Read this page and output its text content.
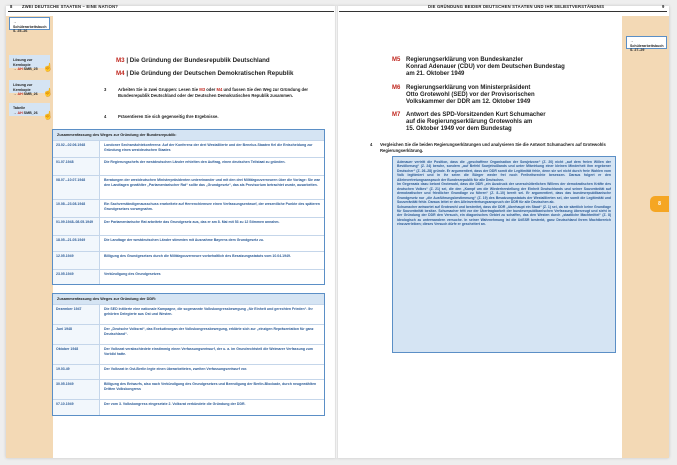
8 ZWEI DEUTSCHE STAATEN – EINE NATION?	DIE GRÜNDUNG BEIDER DEUTSCHEN STAATEN UND IHR SELBSTVERSTÄNDNIS	9
→ Schülerarbeitsbuch
S. 25–26
Lösung zur Kernkopie
→ AH SMB_25 ☝
Lösung zur Kernkopie
→ AH SMB_26 ☝
Tabelle
→ AH SMB_26 ☝
→ Schülerarbeitsbuch
S. 27–29
8
M3 | Die Gründung der Bundesrepublik Deutschland
M4 | Die Gründung der Deutschen Demokratischen Republik
3	Arbeiten Sie in zwei Gruppen: Lesen Sie M3 oder M4 und fassen Sie den Weg zur Gründung der Bundesrepublik Deutschland oder der Deutschen Demokratischen Republik zusammen.
4	Präsentieren Sie sich gegenseitig Ihre Ergebnisse.
Zusammenfassung des Weges zur Gründung der Bundesrepublik:
23.02.–02.06.1948	Londoner Sechsmächtekonferenz: Auf der Konferenz der drei Westalliierte und der Benelux-Staaten fiel die Entscheidung zur Gründung eines westdeutschen Staates
01.07.1948	Die Regierungschefs der westdeutschen Länder erhielten den Auftrag, einen deutschen Teilstaat zu gründen.
08.07.–10.07.1948	Beratungen der westdeutschen Ministerpräsidenten untereinander und mit den drei Militärgouverneuren über die Vorlage: Sie war den Landtagen gewählter „Parlamentarischer Rat“ sollte das „Grundgesetz“, das als Provisorium betrachtet wurde, ausarbeiten.
10.08.–23.08.1948	Ein Sachverständigenausschuss erarbeitete auf Herrenchiemsee einen Verfassungsentwurf, der wesentliche Punkte des späteren Grundgesetzes vorwegnahm.
01.09.1948–08.05.1949	Der Parlamentarische Rat arbeitete das Grundgesetz aus, das er am 8. Mai mit 53 zu 12 Stimmen annahm.
18.05.–21.05.1949	Die Landtage der westdeutschen Länder stimmten mit Ausnahme Bayerns dem Grundgesetz zu.
12.05.1949	Billigung des Grundgesetzes durch die Militärgouverneure vorbehaltlich des Besatzungsstatuts vom 10.04.1949.
23.05.1949	Verkündigung des Grundgesetzes
Zusammenfassung des Weges zur Gründung der DDR:
Dezember 1947	Die SED initiierte eine nationale Kampagne, die sogenannte Volkskongressbewegung „für Einheit und gerechten Frieden“. Ihr gehörten Delegierte aus Ost und Westen.
Juni 1948	Der „Deutsche Volksrat“, das Exekutivorgan der Volkskongressbewegung, erklärte sich zur „einzigen Repräsentation für ganz Deutschland“.
Oktober 1948	Der Volksrat verabschiedete einstimmig einen Verfassungsentwurf, der u. a. im Grundrechtsteil die Weimarer Verfassung zum Vorbild hatte.
19.03.49	Der Volksrat in Ost-Berlin legte einen überarbeiteten, zweiten Verfassungsentwurf vor.
30.05.1949	Billigung des Entwurfs, also nach Verkündigung des Grundgesetzes und Beendigung der Berlin-Blockade, durch neugewählten Dritten Volkskongress
07.10.1949	Der vom 3. Volkskongress eingesetzte 2. Volksrat verkündete die Gründung der DDR.
M5 Regierungserklärung von Bundeskanzler
Konrad Adenauer (CDU) vor dem Deutschen Bundestag
am 21. Oktober 1949
M6 Regierungserklärung von Ministerpräsident
Otto Grotewohl (SED) vor der Provisorischen
Volkskammer der DDR am 12. Oktober 1949
M7 Antwort des SPD-Vorsitzenden Kurt Schumacher
auf die Regierungserklärung Grotewohls am
15. Oktober 1949 vor dem Bundestag
4 Vergleichen Sie die beiden Regierungserklärungen und analysieren Sie die Antwort Schumachers auf Grotewohls Regierungserklärung.

Adenauer vertritt die Position, dass die „geschaffene Organisation der Sowjetzone“ (Z. 20) nicht „auf dem freien Willen der Bevölkerung“ (Z. 24) beruhe, sondern „auf Befehl Sowjetrußlands und unter Mitwirkung einer kleinen Minderheit ihm ergebener Deutscher“ (Z. 26–28) gründe. Er argumentiert, dass der DDR somit die Legitimität fehle, denn sie sei nicht durch freie Wahlen vom Volk legitimiert und in ihr seien die Bürger weder frei noch Freiheitsrechte besessen. Daraus folgert er den Alleinvertretungsanspruch der Bundesrepublik für alle Deutschen.

Im Gegensatz dazu betont Grotewohl, dass die DDR „ein Ausdruck der unerschütterlichen Willens der demokratischen Kräfte des deutschen Volkes“ (Z. 21) sei, die den „Kampf um die Wiederherstellung der Einheit Deutschlands und seiner Souveränität auf demokratischer und friedlicher Grundlage zu führen“ (Z. 8–10) bereit sei. Er argumentiert, dass das bundesrepublikanische Grundgesetz nur „die Ausführungsbestimmung“ (Z. 19) des Besatzungsstatuts der Westalliierten sei, der somit die Legitimität und Souveränität fehle. Daraus leitet er den Alleinvertretungsanspruch der DDR für alle Deutschen ab.

Schumacher antwortet auf Grotewohl und bestreitet, dass die DDR „überhaupt ein Staat“ (Z. 1) sei, da sie sämtlich keine Grundlage für Souveränität besitze. Schumacher tritt vor der Übertragbarkeit der bundesrepublikanischen Verfassung überzeugt und sieht in der Gründung der DDR den Versuch, ein diagonisches Gebiet zu schaffen, das den Westen durch „staatliche Machtmittel“ (Z. 8) ideologisch zu unterwandern versuche. In seiner Wahrnehmung ist die UdSSR bestrebt, ganz Deutschland ihrem Machtbereich einzuverleiben; dieses Versuch dürfe er gescheitert an.
